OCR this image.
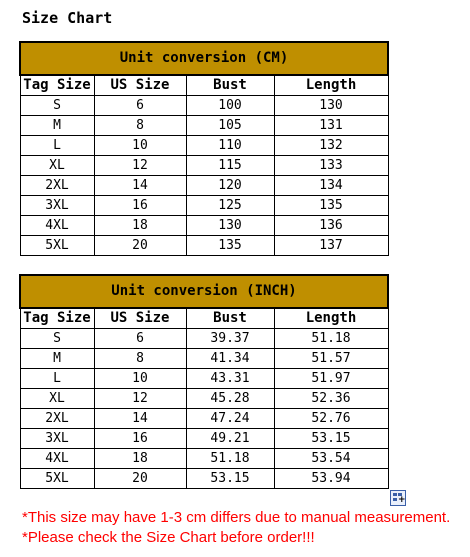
Size Chart
Unit conversion (CM)			
Tag Size	US Size	Bust	Length
S	6	100	130
M	8	105	131
L	10	110	132
XL	12	115	133
2XL	14	120	134
3XL	16	125	135
4XL	18	130	136
5XL	20	135	137
Unit conversion (INCH)			
Tag Size	US Size	Bust	Length
S	6	39.37	51.18
M	8	41.34	51.57
L	10	43.31	51.97
XL	12	45.28	52.36
2XL	14	47.24	52.76
3XL	16	49.21	53.15
4XL	18	51.18	53.54
5XL	20	53.15	53.94
+
*This size may have 1-3 cm differs due to manual measurement.
*Please check the Size Chart before order!!!
